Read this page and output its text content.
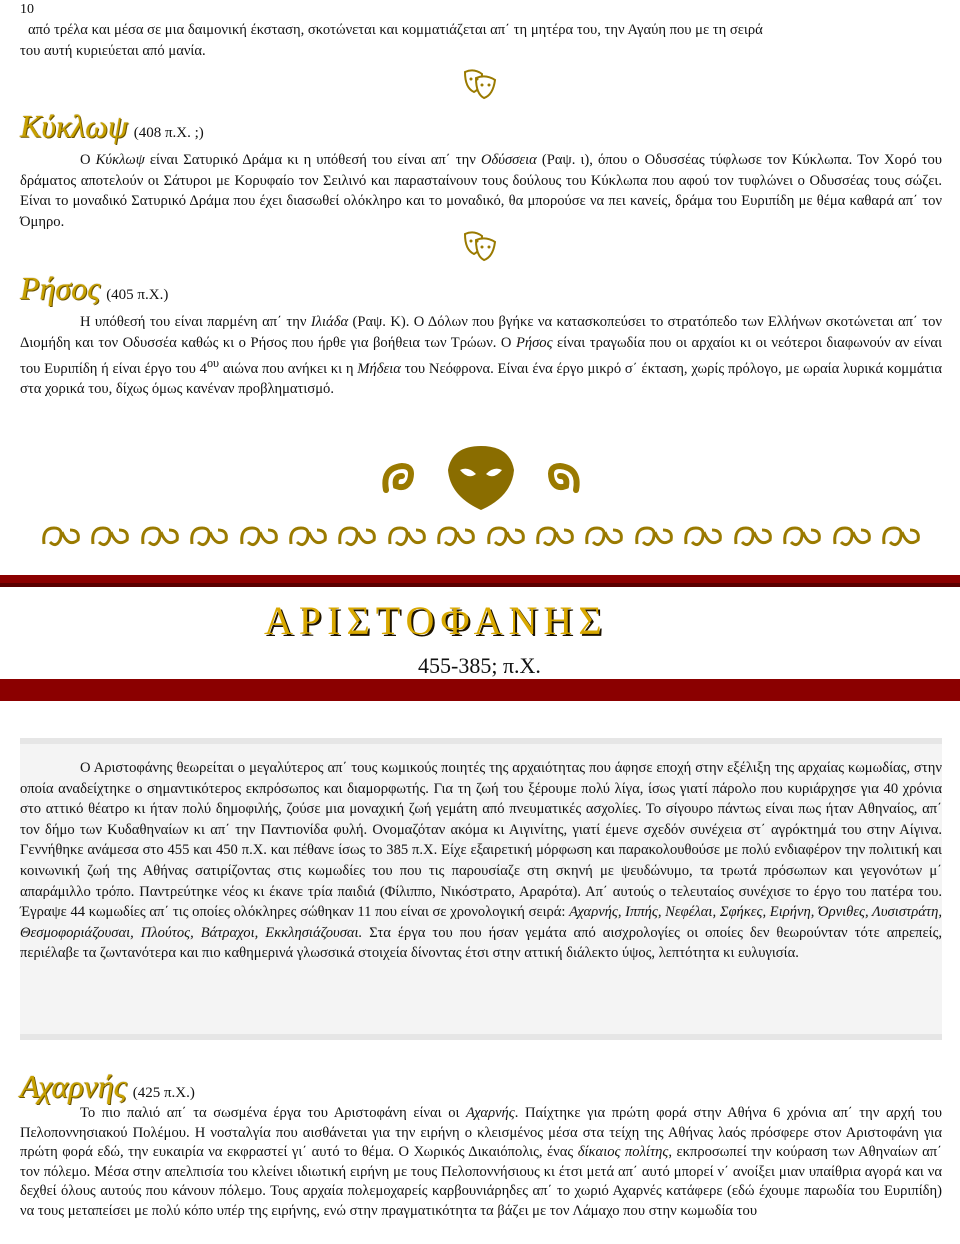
10
από τρέλα και μέσα σε μια δαιμονική έκσταση, σκοτώνεται και κομματιάζεται απ΄ τη μητέρα του, την Αγαύη που με τη σειρά
του αυτή κυριεύεται από μανία.
Κύκλωψ (408 π.Χ. ;)
Ο Κύκλωψ είναι Σατυρικό Δράμα κι η υπόθεσή του είναι απ΄ την Οδύσσεια (Ραψ. ι), όπου ο Οδυσσέας τύφλωσε τον Κύκλωπα. Τον Χορό του δράματος αποτελούν οι Σάτυροι με Κορυφαίο τον Σειλινό και παρασταίνουν τους δούλους του Κύκλωπα που αφού τον τυφλώνει ο Οδυσσέας τους σώζει. Είναι το μοναδικό Σατυρικό Δράμα που έχει διασωθεί ολόκληρο και το μοναδικό, θα μπορούσε να πει κανείς, δράμα του Ευριπίδη με θέμα καθαρά απ΄ τον Όμηρο.
Ρήσος (405 π.Χ.)
Η υπόθεσή του είναι παρμένη απ΄ την Ιλιάδα (Ραψ. Κ). Ο Δόλων που βγήκε να κατασκοπεύσει το στρατόπεδο των Ελλήνων σκοτώνεται απ΄ τον Διομήδη και τον Οδυσσέα καθώς κι ο Ρήσος που ήρθε για βοήθεια των Τρώων. Ο Ρήσος είναι τραγωδία που οι αρχαίοι κι οι νεότεροι διαφωνούν αν είναι του Ευριπίδη ή είναι έργο του $4^{o\upsilon}$ αιώνα που ανήκει κι η Μήδεια του Νεόφρονα. Είναι ένα έργο μικρό σ΄ έκταση, χωρίς πρόλογο, με ωραία λυρικά κομμάτια στα χορικά του, δίχως όμως κανέναν προβληματισμό.
ΑΡΙΣΤΟΦΑΝΗΣ
455-385; π.Χ.
Ο Αριστοφάνης θεωρείται ο μεγαλύτερος απ΄ τους κωμικούς ποιητές της αρχαιότητας που άφησε εποχή στην εξέλιξη της αρχαίας κωμωδίας, στην οποία αναδείχτηκε ο σημαντικότερος εκπρόσωπος και διαμορφωτής. Για τη ζωή του ξέρουμε πολύ λίγα, ίσως γιατί πάρολο που κυριάρχησε για 40 χρόνια στο αττικό θέατρο κι ήταν πολύ δημοφιλής, ζούσε μια μοναχική ζωή γεμάτη από πνευματικές ασχολίες. Το σίγουρο πάντως είναι πως ήταν Αθηναίος, απ΄ τον δήμο των Κυδαθηναίων κι απ΄ την Πανтιονίδα φυλή. Ονομαζόταν ακόμα κι Αιγινίτης, γιατί έμενε σχεδόν συνέχεια στ΄ αγρόκτημά του στην Αίγινα. Γεννήθηκε ανάμεσα στο 455 και 450 π.Χ. και πέθανε ίσως το 385 π.Χ. Είχε εξαιρετική μόρφωση και παρακολουθούσε με πολύ ενδιαφέρον την πολιτική και κοινωνική ζωή της Αθήνας σατιρίζοντας στις κωμωδίες του που τις παρουσίαζε στη σκηνή με ψευδώνυμο, τα τρωτά πρόσωπων και γεγονότων μ΄ απαράμιλλο τρόπο. Παντρεύτηκε νέος κι έκανε τρία παιδιά (Φίλιππο, Νικόστρατο, Αραρότα). Απ΄ αυτούς ο τελευταίος συνέχισε το έργο του πατέρα του. Έγραψε 44 κωμωδίες απ΄ τις οποίες ολόκληρες σώθηκαν 11 που είναι σε χρονολογική σειρά: Αχαρνής, Ιππής, Νεφέλαι, Σφήκες, Ειρήνη, Όρνιθες, Λυσιστράτη, Θεσμοφοριάζουσαι, Πλούτος, Βάτραχοι, Εκκλησιάζουσαι. Στα έργα του που ήσαν γεμάτα από αισχρολογίες οι οποίες δεν θεωρούνταν τότε απρεπείς, περιέλαβε τα ζωντανότερα και πιο καθημερινά γλωσσικά στοιχεία δίνοντας έτσι στην αττική διάλεκτο ύψος, λεπτότητα κι ευλυγισία.
Αχαρνής (425 π.Χ.)
Το πιο παλιό απ΄ τα σωσμένα έργα του Αριστοφάνη είναι οι Αχαρνής. Παίχτηκε για πρώτη φορά στην Αθήνα 6 χρόνια απ΄ την αρχή του Πελοποννησιακού Πολέμου. Η νοσταλγία που αισθάνεται για την ειρήνη ο κλεισμένος μέσα στα τείχη της Αθήνας λαός πρόσφερε στον Αριστοφάνη για πρώτη φορά εδώ, την ευκαιρία να εκφραστεί γι΄ αυτό το θέμα. Ο Χωρικός Δικαιόπολις, ένας δίκαιος πολίτης, εκπροσωπεί την κούραση των Αθηναίων απ΄ τον πόλεμο. Μέσα στην απελπισία του κλείνει ιδιωτική ειρήνη με τους Πελοποννήσιους κι έτσι μετά απ΄ αυτό μπορεί ν΄ ανοίξει μιαν υπαίθρια αγορά και να δεχθεί όλους αυτούς που κάνουν πόλεμο. Τους αρχαία πολεμοχαρείς καρβουνιάρηδες απ΄ το χωριό Αχαρνές κατάφερε (εδώ έχουμε παρωδία του Ευριπίδη) να τους μεταπείσει με πολύ κόπο υπέρ της ειρήνης, ενώ στην πραγματικότητα τα βάζει με τον Λάμαχο που στην κωμωδία του
